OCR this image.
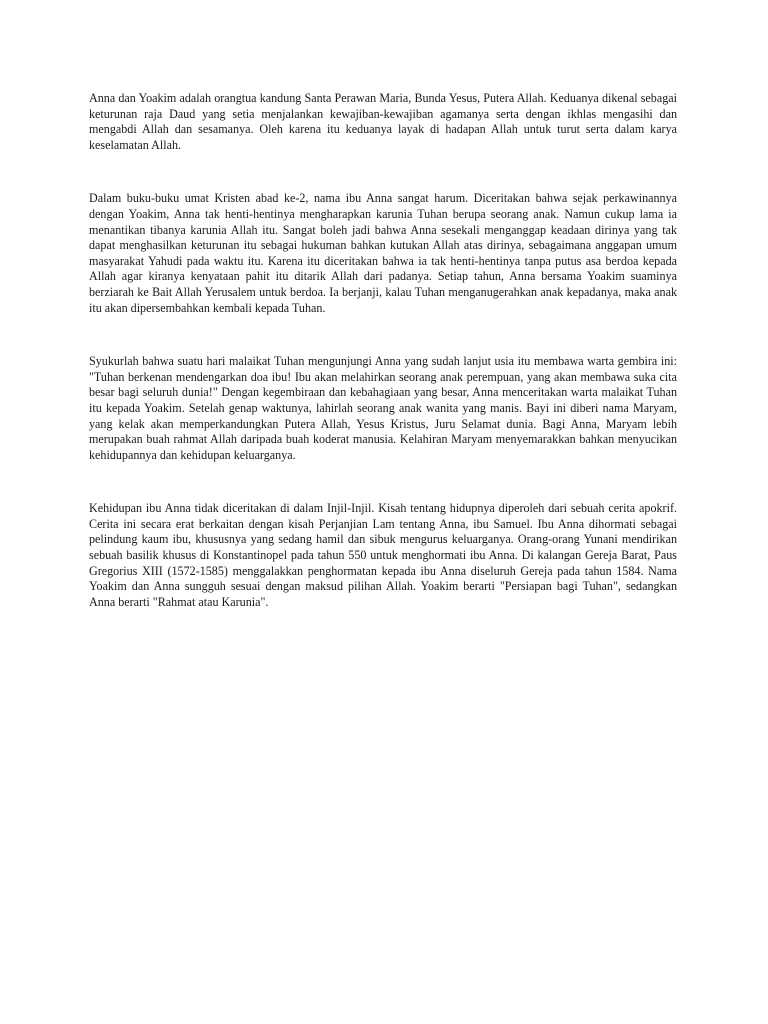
Anna dan Yoakim adalah orangtua kandung Santa Perawan Maria, Bunda Yesus, Putera Allah. Keduanya dikenal sebagai keturunan raja Daud yang setia menjalankan kewajiban-kewajiban agamanya serta dengan ikhlas mengasihi dan mengabdi Allah dan sesamanya. Oleh karena itu keduanya layak di hadapan Allah untuk turut serta dalam karya keselamatan Allah.

Dalam buku-buku umat Kristen abad ke-2, nama ibu Anna sangat harum. Diceritakan bahwa sejak perkawinannya dengan Yoakim, Anna tak henti-hentinya mengharapkan karunia Tuhan berupa seorang anak. Namun cukup lama ia menantikan tibanya karunia Allah itu. Sangat boleh jadi bahwa Anna sesekali menganggap keadaan dirinya yang tak dapat menghasilkan keturunan itu sebagai hukuman bahkan kutukan Allah atas dirinya, sebagaimana anggapan umum masyarakat Yahudi pada waktu itu. Karena itu diceritakan bahwa ia tak henti-hentinya tanpa putus asa berdoa kepada Allah agar kiranya kenyataan pahit itu ditarik Allah dari padanya. Setiap tahun, Anna bersama Yoakim suaminya berziarah ke Bait Allah Yerusalem untuk berdoa. Ia berjanji, kalau Tuhan menganugerahkan anak kepadanya, maka anak itu akan dipersembahkan kembali kepada Tuhan.

Syukurlah bahwa suatu hari malaikat Tuhan mengunjungi Anna yang sudah lanjut usia itu membawa warta gembira ini: "Tuhan berkenan mendengarkan doa ibu! Ibu akan melahirkan seorang anak perempuan, yang akan membawa suka cita besar bagi seluruh dunia!" Dengan kegembiraan dan kebahagiaan yang besar, Anna menceritakan warta malaikat Tuhan itu kepada Yoakim. Setelah genap waktunya, lahirlah seorang anak wanita yang manis. Bayi ini diberi nama Maryam, yang kelak akan memperkandungkan Putera Allah, Yesus Kristus, Juru Selamat dunia. Bagi Anna, Maryam lebih merupakan buah rahmat Allah daripada buah koderat manusia. Kelahiran Maryam menyemarakkan bahkan menyucikan kehidupannya dan kehidupan keluarganya.

Kehidupan ibu Anna tidak diceritakan di dalam Injil-Injil. Kisah tentang hidupnya diperoleh dari sebuah cerita apokrif. Cerita ini secara erat berkaitan dengan kisah Perjanjian Lam tentang Anna, ibu Samuel. Ibu Anna dihormati sebagai pelindung kaum ibu, khususnya yang sedang hamil dan sibuk mengurus keluarganya. Orang-orang Yunani mendirikan sebuah basilik khusus di Konstantinopel pada tahun 550 untuk menghormati ibu Anna. Di kalangan Gereja Barat, Paus Gregorius XIII (1572-1585) menggalakkan penghormatan kepada ibu Anna diseluruh Gereja pada tahun 1584. Nama Yoakim dan Anna sungguh sesuai dengan maksud pilihan Allah. Yoakim berarti "Persiapan bagi Tuhan", sedangkan Anna berarti "Rahmat atau Karunia".
